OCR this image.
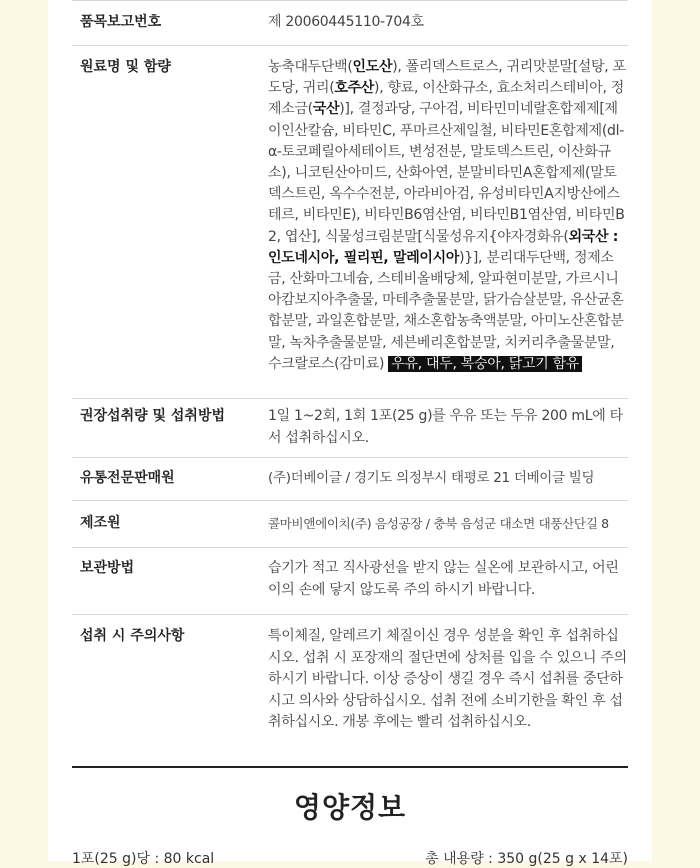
품목보고번호	제 20060445110-704호
원료명 및 함량	농축대두단백(인도산), 폴리덱스트로스, 귀리맛분말[설탕, 포도당, 귀리(호주산), 향료, 이산화규소, 효소처리스테비아, 정제소금(국산)], 결정과당, 구아검, 비타민미네랄혼합제제[제이인산칼슘, 비타민C, 푸마르산제일철, 비타민E혼합제제(dl-α-토코페릴아세테이트, 변성전분, 말토덱스트린, 이산화규소), 니코틴산아미드, 산화아연, 분말비타민A혼합제제(말토덱스트린, 옥수수전분, 아라비아검, 유성비타민A지방산에스테르, 비타민E), 비타민B6염산염, 비타민B1염산염, 비타민B2, 엽산], 식물성크림분말[식물성유지{야자경화유(외국산 : 인도네시아, 필리핀, 말레이시아)}], 분리대두단백, 정제소금, 산화마그네슘, 스테비올배당체, 알파현미분말, 가르시니아캄보지아추출물, 마테추출물분말, 닭가슴살분말, 유산균혼합분말, 과일혼합분말, 채소혼합농축액분말, 아미노산혼합분말, 녹차추출물분말, 세븐베리혼합분말, 치커리추출물분말, 수크랄로스(감미료) 우유, 대두, 복숭아, 닭고기 함유
권장섭취량 및 섭취방법	1일 1~2회, 1회 1포(25 g)를 우유 또는 두유 200 mL에 타서 섭취하십시오.
유통전문판매원	(주)더베이글 / 경기도 의정부시 태평로 21 더베이글 빌딩
제조원	콜마비앤에이치(주) 음성공장 / 충북 음성군 대소면 대풍산단길 8
보관방법	습기가 적고 직사광선을 받지 않는 실온에 보관하시고, 어린이의 손에 닿지 않도록 주의 하시기 바랍니다.
섭취 시 주의사항	특이체질, 알레르기 체질이신 경우 성분을 확인 후 섭취하십시오. 섭취 시 포장재의 절단면에 상처를 입을 수 있으니 주의하시기 바랍니다. 이상 증상이 생길 경우 즉시 섭취를 중단하시고 의사와 상담하십시오. 섭취 전에 소비기한을 확인 후 섭취하십시오. 개봉 후에는 빨리 섭취하십시오.
영양정보
1포(25 g)당 : 80 kcal	총 내용량 : 350 g(25 g x 14포)
